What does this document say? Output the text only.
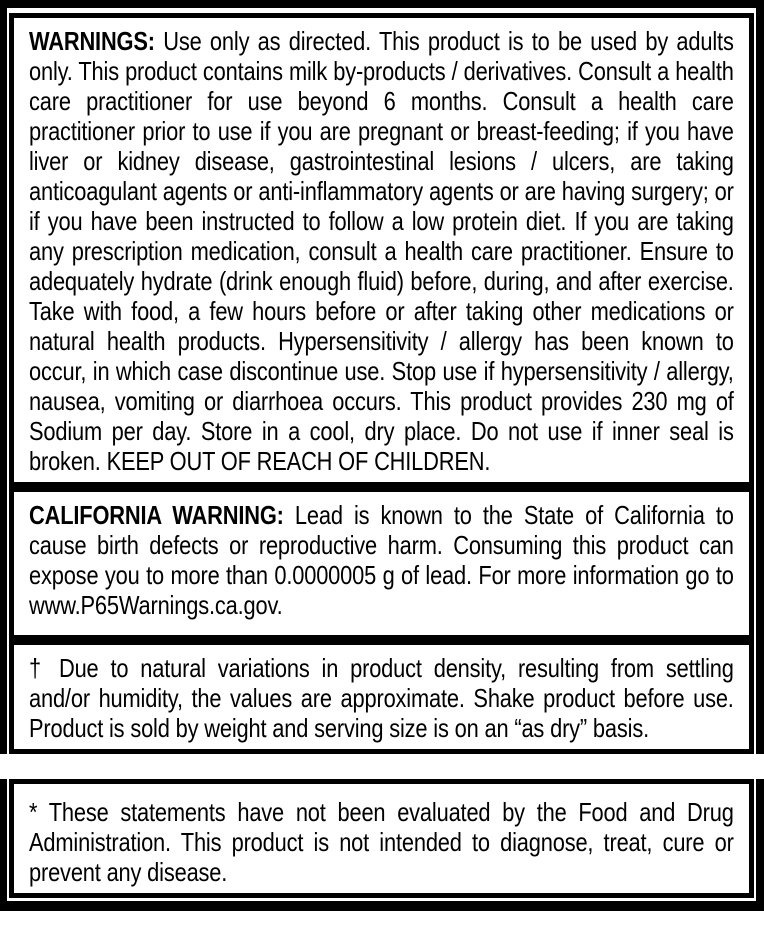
WARNINGS: Use only as directed. This product is to be used by adults only. This product contains milk by-products / derivatives. Consult a health care practitioner for use beyond 6 months. Consult a health care practitioner prior to use if you are pregnant or breast-feeding; if you have liver or kidney disease, gastrointestinal lesions / ulcers, are taking anticoagulant agents or anti-inflammatory agents or are having surgery; or if you have been instructed to follow a low protein diet. If you are taking any prescription medication, consult a health care practitioner. Ensure to adequately hydrate (drink enough fluid) before, during, and after exercise. Take with food, a few hours before or after taking other medications or natural health products. Hypersensitivity / allergy has been known to occur, in which case discontinue use. Stop use if hypersensitivity / allergy, nausea, vomiting or diarrhoea occurs. This product provides 230 mg of Sodium per day. Store in a cool, dry place. Do not use if inner seal is broken. KEEP OUT OF REACH OF CHILDREN.

CALIFORNIA WARNING: Lead is known to the State of California to cause birth defects or reproductive harm. Consuming this product can expose you to more than 0.0000005 g of lead. For more information go to www.P65Warnings.ca.gov.

† Due to natural variations in product density, resulting from settling and/or humidity, the values are approximate. Shake product before use. Product is sold by weight and serving size is on an “as dry” basis.

* These statements have not been evaluated by the Food and Drug Administration. This product is not intended to diagnose, treat, cure or prevent any disease.
